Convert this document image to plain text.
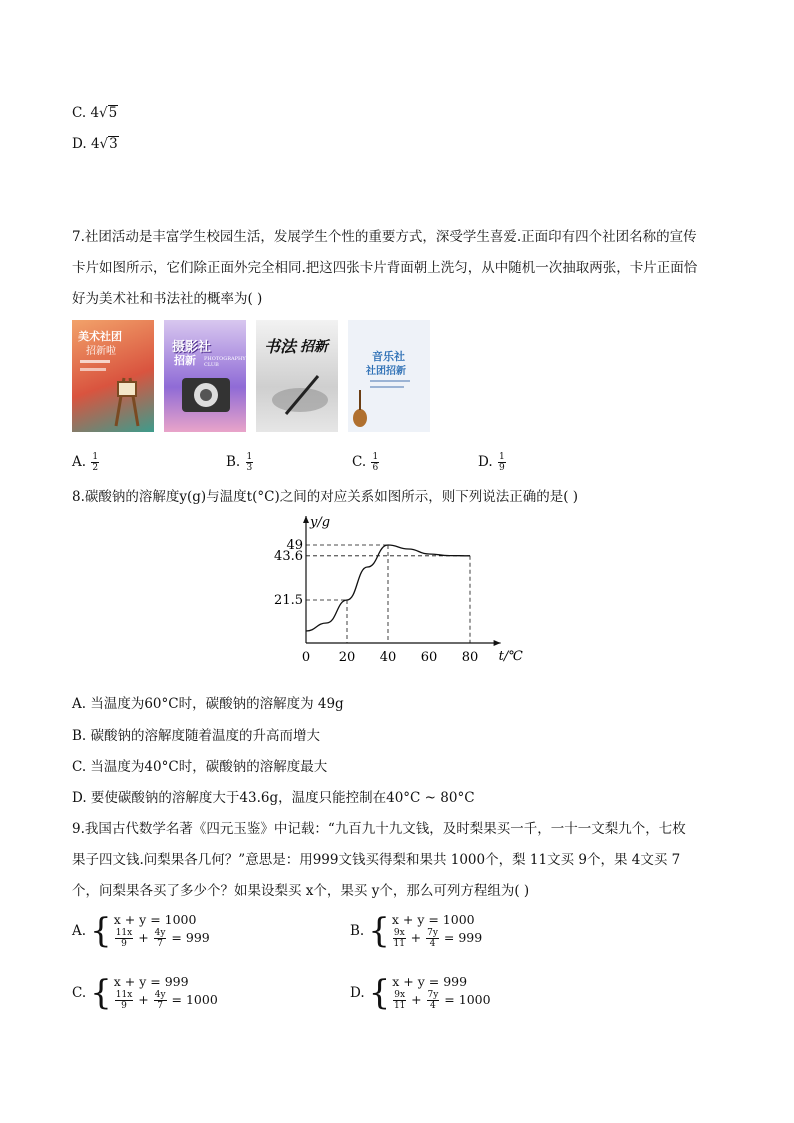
C. 4√5
D. 4√3
7.社团活动是丰富学生校园生活，发展学生个性的重要方式，深受学生喜爱.正面印有四个社团名称的宣传
卡片如图所示，它们除正面外完全相同.把这四张卡片背面朝上洗匀，从中随机一次抽取两张，卡片正面恰
好为美术社和书法社的概率为( )
美术社团
招新啦	摄影社
招新 PHOTOGRAPHY CLUB
书法 招新
音乐社
社团招新
A. $\frac{1}{2}$	B. $\frac{1}{3}$	C. $\frac{1}{6}$	D. $\frac{1}{9}$
8.碳酸钠的溶解度y(g)与温度t(°C)之间的对应关系如图所示，则下列说法正确的是( )
y/g
t/℃
0 20 40 60 80
21.5
43.6
49
A. 当温度为60°C时，碳酸钠的溶解度为 49g
B. 碳酸钠的溶解度随着温度的升高而增大
C. 当温度为40°C时，碳酸钠的溶解度最大
D. 要使碳酸钠的溶解度大于43.6g，温度只能控制在40°C ~ 80°C
9.我国古代数学名著《四元玉鉴》中记载：“九百九十九文钱，及时梨果买一千，一十一文梨九个，七枚
果子四文钱.问梨果各几何？”意思是：用999文钱买得梨和果共 1000个，梨 11文买 9个，果 4文买 7
个，问梨果各买了多少个？如果设梨买 x个，果买 y个，那么可列方程组为( )
A. { x + y = 1000
$\frac{11x}{9} + \frac{4y}{7} = 999$	B. { x + y = 1000
$\frac{9x}{11} + \frac{7y}{4} = 999$
C. { x + y = 999
$\frac{11x}{9} + \frac{4y}{7} = 1000$	D. { x + y = 999
$\frac{9x}{11} + \frac{7y}{4} = 1000$
